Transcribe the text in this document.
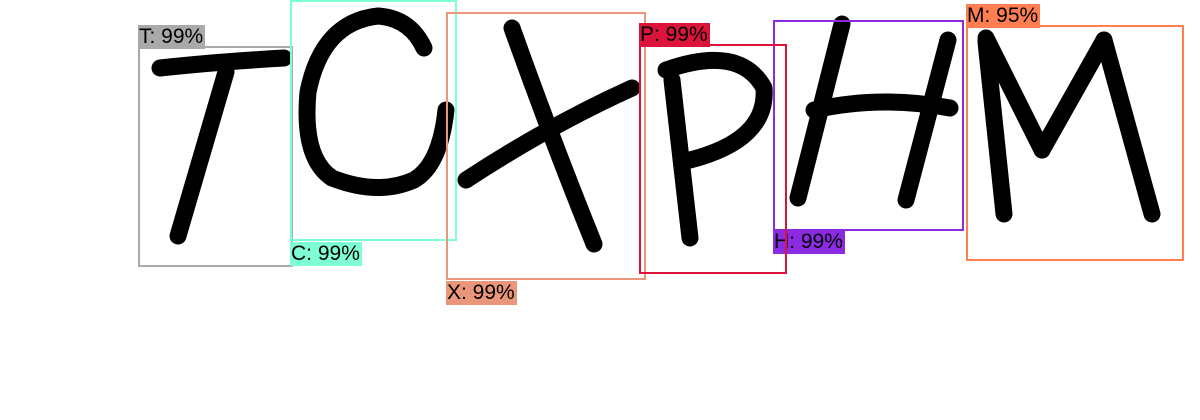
T: 99%
C: 99%
X: 99%
H: 99%
P: 99%
M: 95%
